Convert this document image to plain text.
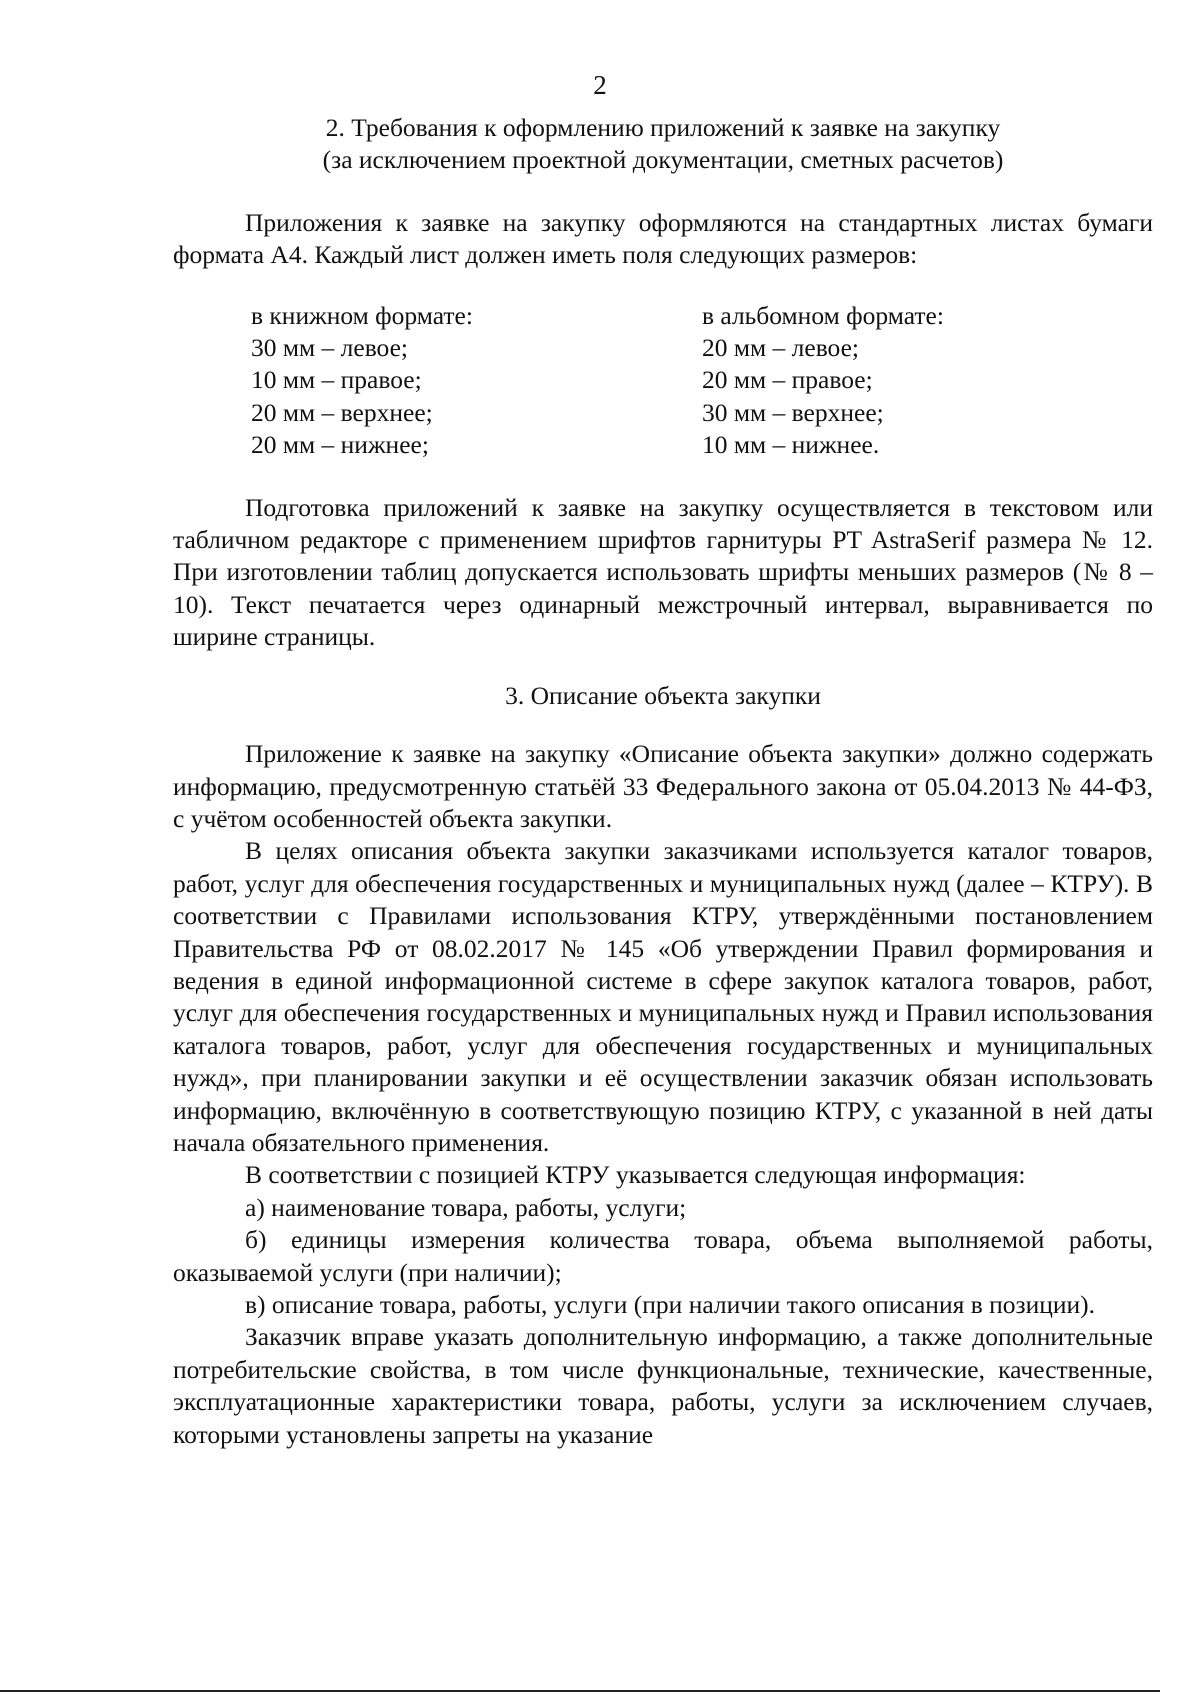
2

2. Требования к оформлению приложений к заявке на закупку

(за исключением проектной документации, сметных расчетов)

Приложения к заявке на закупку оформляются на стандартных листах бумаги формата А4. Каждый лист должен иметь поля следующих размеров:

в книжном формате:

30 мм – левое;

10 мм – правое;

20 мм – верхнее;

20 мм – нижнее;

в альбомном формате:

20 мм – левое;

20 мм – правое;

30 мм – верхнее;

10 мм – нижнее.

Подготовка приложений к заявке на закупку осуществляется в текстовом или табличном редакторе с применением шрифтов гарнитуры PT AstraSerif размера № 12. При изготовлении таблиц допускается использовать шрифты меньших размеров (№ 8 – 10). Текст печатается через одинарный межстрочный интервал, выравнивается по ширине страницы.

3. Описание объекта закупки

Приложение к заявке на закупку «Описание объекта закупки» должно содержать информацию, предусмотренную статьёй 33 Федерального закона от 05.04.2013 № 44-ФЗ, с учётом особенностей объекта закупки.

В целях описания объекта закупки заказчиками используется каталог товаров, работ, услуг для обеспечения государственных и муниципальных нужд (далее – КТРУ). В соответствии с Правилами использования КТРУ, утверждёнными постановлением Правительства РФ от 08.02.2017 № 145 «Об утверждении Правил формирования и ведения в единой информационной системе в сфере закупок каталога товаров, работ, услуг для обеспечения государственных и муниципальных нужд и Правил использования каталога товаров, работ, услуг для обеспечения государственных и муниципальных нужд», при планировании закупки и её осуществлении заказчик обязан использовать информацию, включённую в соответствующую позицию КТРУ, с указанной в ней даты начала обязательного применения.

В соответствии с позицией КТРУ указывается следующая информация:

а) наименование товара, работы, услуги;

б) единицы измерения количества товара, объема выполняемой работы, оказываемой услуги (при наличии);

в) описание товара, работы, услуги (при наличии такого описания в позиции).

Заказчик вправе указать дополнительную информацию, а также дополнительные потребительские свойства, в том числе функциональные, технические, качественные, эксплуатационные характеристики товара, работы, услуги за исключением случаев, которыми установлены запреты на указание
